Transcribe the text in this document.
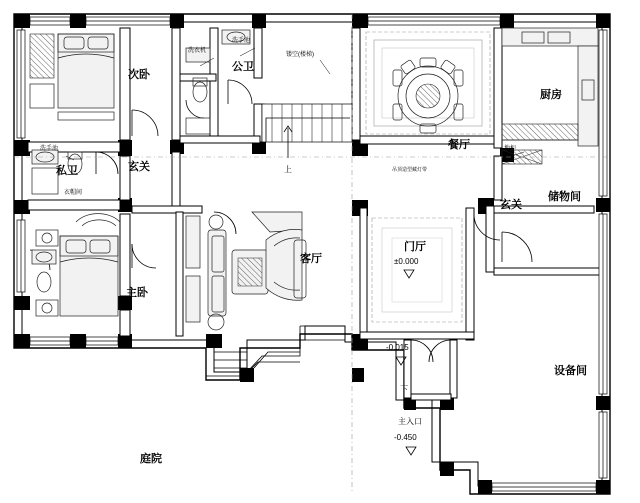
次卧
公卫
私卫	玄关
主卧
客厅
餐厅
厨房
储物间
玄关
门厅
设备间
庭院
洗衣机
洗手池
镂空(楼梯)
上
洗手池
衣帽间
吊顶造型藏灯带
地柜
下
±0.000
-0.015
-0.450
主入口
